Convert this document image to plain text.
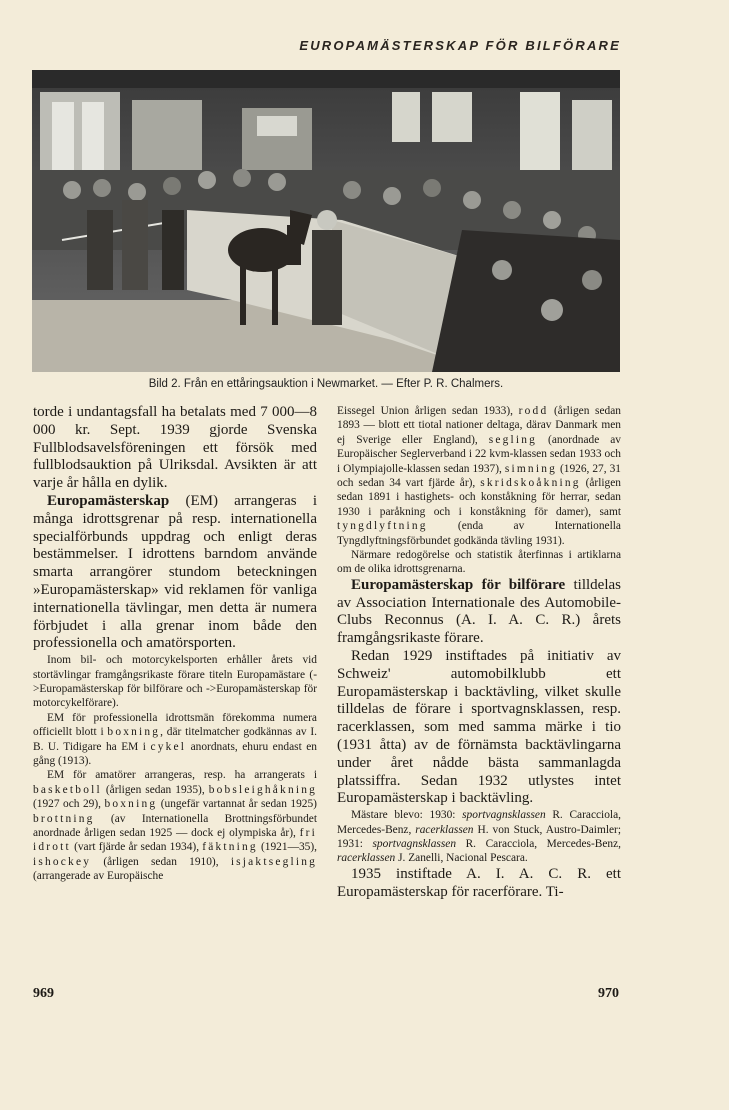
EUROPAMÄSTERSKAP FÖR BILFÖRARE
Bild 2. Från en ettåringsauktion i Newmarket. — Efter P. R. Chalmers.

torde i undantagsfall ha betalats med 7 000—8 000 kr. Sept. 1939 gjorde Svenska Fullblodsavelsföreningen ett försök med fullblodsauktion på Ulriksdal. Avsikten är att varje år hålla en dylik.

Europamästerskap (EM) arrangeras i många idrottsgrenar på resp. internationella specialförbunds uppdrag och enligt deras bestämmelser. I idrottens barndom använde smarta arrangörer stundom beteckningen »Europamästerskap» vid reklamen för vanliga internationella tävlingar, men detta är numera förbjudet i alla grenar inom både den professionella och amatörsporten.

Inom bil- och motorcykelsporten erhåller årets vid stortävlingar framgångsrikaste förare titeln Europamästare (->Europamästerskap för bilförare och ->Europamästerskap för motorcykelförare).

EM för professionella idrottsmän förekomma numera officiellt blott i boxning, där titelmatcher godkännas av I. B. U. Tidigare ha EM i cykel anordnats, ehuru endast en gång (1913).

EM för amatörer arrangeras, resp. ha arrangerats i basketboll (årligen sedan 1935), bobsleighåkning (1927 och 29), boxning (ungefär vartannat år sedan 1925) brottning (av Internationella Brottningsförbundet anordnade årligen sedan 1925 — dock ej olympiska år), fri idrott (vart fjärde år sedan 1934), fäktning (1921—35), ishockey (årligen sedan 1910), isjaktsegling (arrangerade av Europäische

Eissegel Union årligen sedan 1933), rodd (årligen sedan 1893 — blott ett tiotal nationer deltaga, därav Danmark men ej Sverige eller England), segling (anordnade av Europäischer Seglerverband i 22 kvm-klassen sedan 1933 och i Olympiajolle-klassen sedan 1937), simning (1926, 27, 31 och sedan 34 vart fjärde år), skridskoåkning (årligen sedan 1891 i hastighets- och konståkning för herrar, sedan 1930 i paråkning och i konståkning för damer), samt tyngdlyftning (enda av Internationella Tyngdlyftningsförbundet godkända tävling 1931).

Närmare redogörelse och statistik återfinnas i artiklarna om de olika idrottsgrenarna.

Europamästerskap för bilförare tilldelas av Association Internationale des Automobile-Clubs Reconnus (A. I. A. C. R.) årets framgångsrikaste förare.

Redan 1929 instiftades på initiativ av Schweiz' automobilklubb ett Europamästerskap i backtävling, vilket skulle tilldelas de förare i sportvagnsklassen, resp. racerklassen, som med samma märke i tio (1931 åtta) av de förnämsta backtävlingarna under året nådde bästa sammanlagda platssiffra. Sedan 1932 utlystes intet Europamästerskap i backtävling.

Mästare blevo: 1930: sportvagnsklassen R. Caracciola, Mercedes-Benz, racerklassen H. von Stuck, Austro-Daimler; 1931: sportvagnsklassen R. Caracciola, Mercedes-Benz, racerklassen J. Zanelli, Nacional Pescara.

1935 instiftade A. I. A. C. R. ett Europamästerskap för racerförare. Ti-

969	970
